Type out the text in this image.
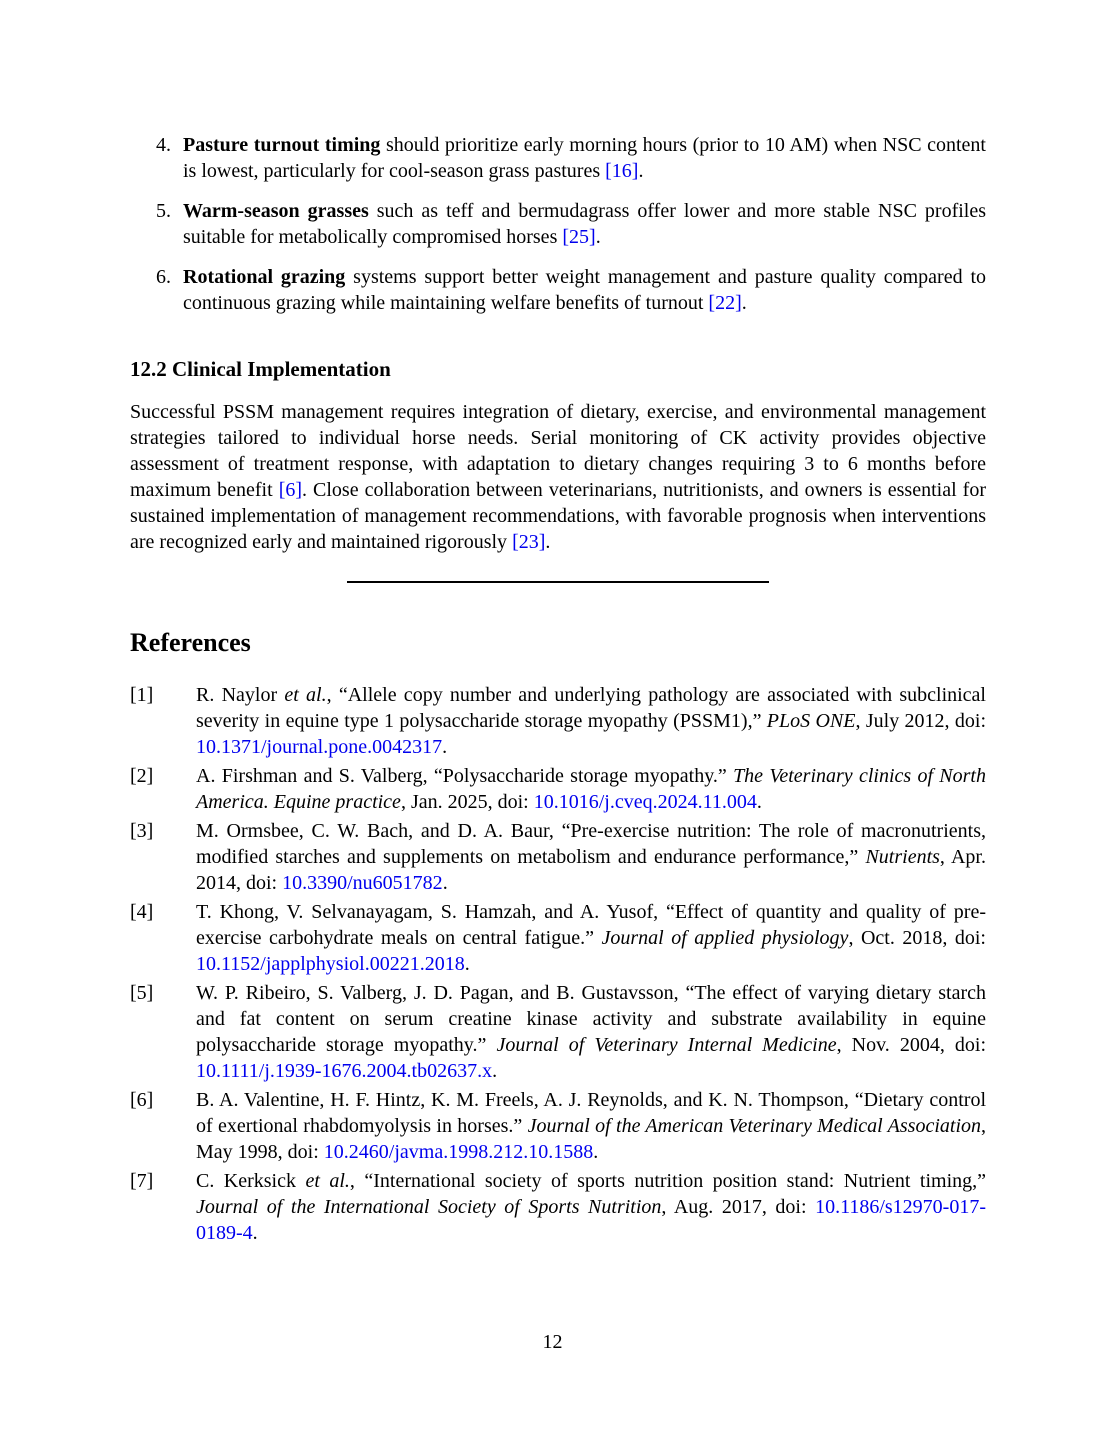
4. Pasture turnout timing should prioritize early morning hours (prior to 10 AM) when NSC content is lowest, particularly for cool-season grass pastures [16].
5. Warm-season grasses such as teff and bermudagrass offer lower and more stable NSC profiles suitable for metabolically compromised horses [25].
6. Rotational grazing systems support better weight management and pasture quality compared to continuous grazing while maintaining welfare benefits of turnout [22].
12.2 Clinical Implementation

Successful PSSM management requires integration of dietary, exercise, and environmental management strategies tailored to individual horse needs. Serial monitoring of CK activity provides objective assessment of treatment response, with adaptation to dietary changes requiring 3 to 6 months before maximum benefit [6]. Close collaboration between veterinarians, nutritionists, and owners is essential for sustained implementation of management recommendations, with favorable prognosis when interventions are recognized early and maintained rigorously [23].

References
[1] R. Naylor et al., “Allele copy number and underlying pathology are associated with subclinical severity in equine type 1 polysaccharide storage myopathy (PSSM1),” PLoS ONE, July 2012, doi: 10.1371/journal.pone.0042317.
[2] A. Firshman and S. Valberg, “Polysaccharide storage myopathy.” The Veterinary clinics of North America. Equine practice, Jan. 2025, doi: 10.1016/j.cveq.2024.11.004.
[3] M. Ormsbee, C. W. Bach, and D. A. Baur, “Pre-exercise nutrition: The role of macronutrients, modified starches and supplements on metabolism and endurance performance,” Nutrients, Apr. 2014, doi: 10.3390/nu6051782.
[4] T. Khong, V. Selvanayagam, S. Hamzah, and A. Yusof, “Effect of quantity and quality of pre-exercise carbohydrate meals on central fatigue.” Journal of applied physiology, Oct. 2018, doi: 10.1152/japplphysiol.00221.2018.
[5] W. P. Ribeiro, S. Valberg, J. D. Pagan, and B. Gustavsson, “The effect of varying dietary starch and fat content on serum creatine kinase activity and substrate availability in equine polysaccharide storage myopathy.” Journal of Veterinary Internal Medicine, Nov. 2004, doi: 10.1111/j.1939-1676.2004.tb02637.x.
[6] B. A. Valentine, H. F. Hintz, K. M. Freels, A. J. Reynolds, and K. N. Thompson, “Dietary control of exertional rhabdomyolysis in horses.” Journal of the American Veterinary Medical Association, May 1998, doi: 10.2460/javma.1998.212.10.1588.
[7] C. Kerksick et al., “International society of sports nutrition position stand: Nutrient timing,” Journal of the International Society of Sports Nutrition, Aug. 2017, doi: 10.1186/s12970-017-0189-4.
12
